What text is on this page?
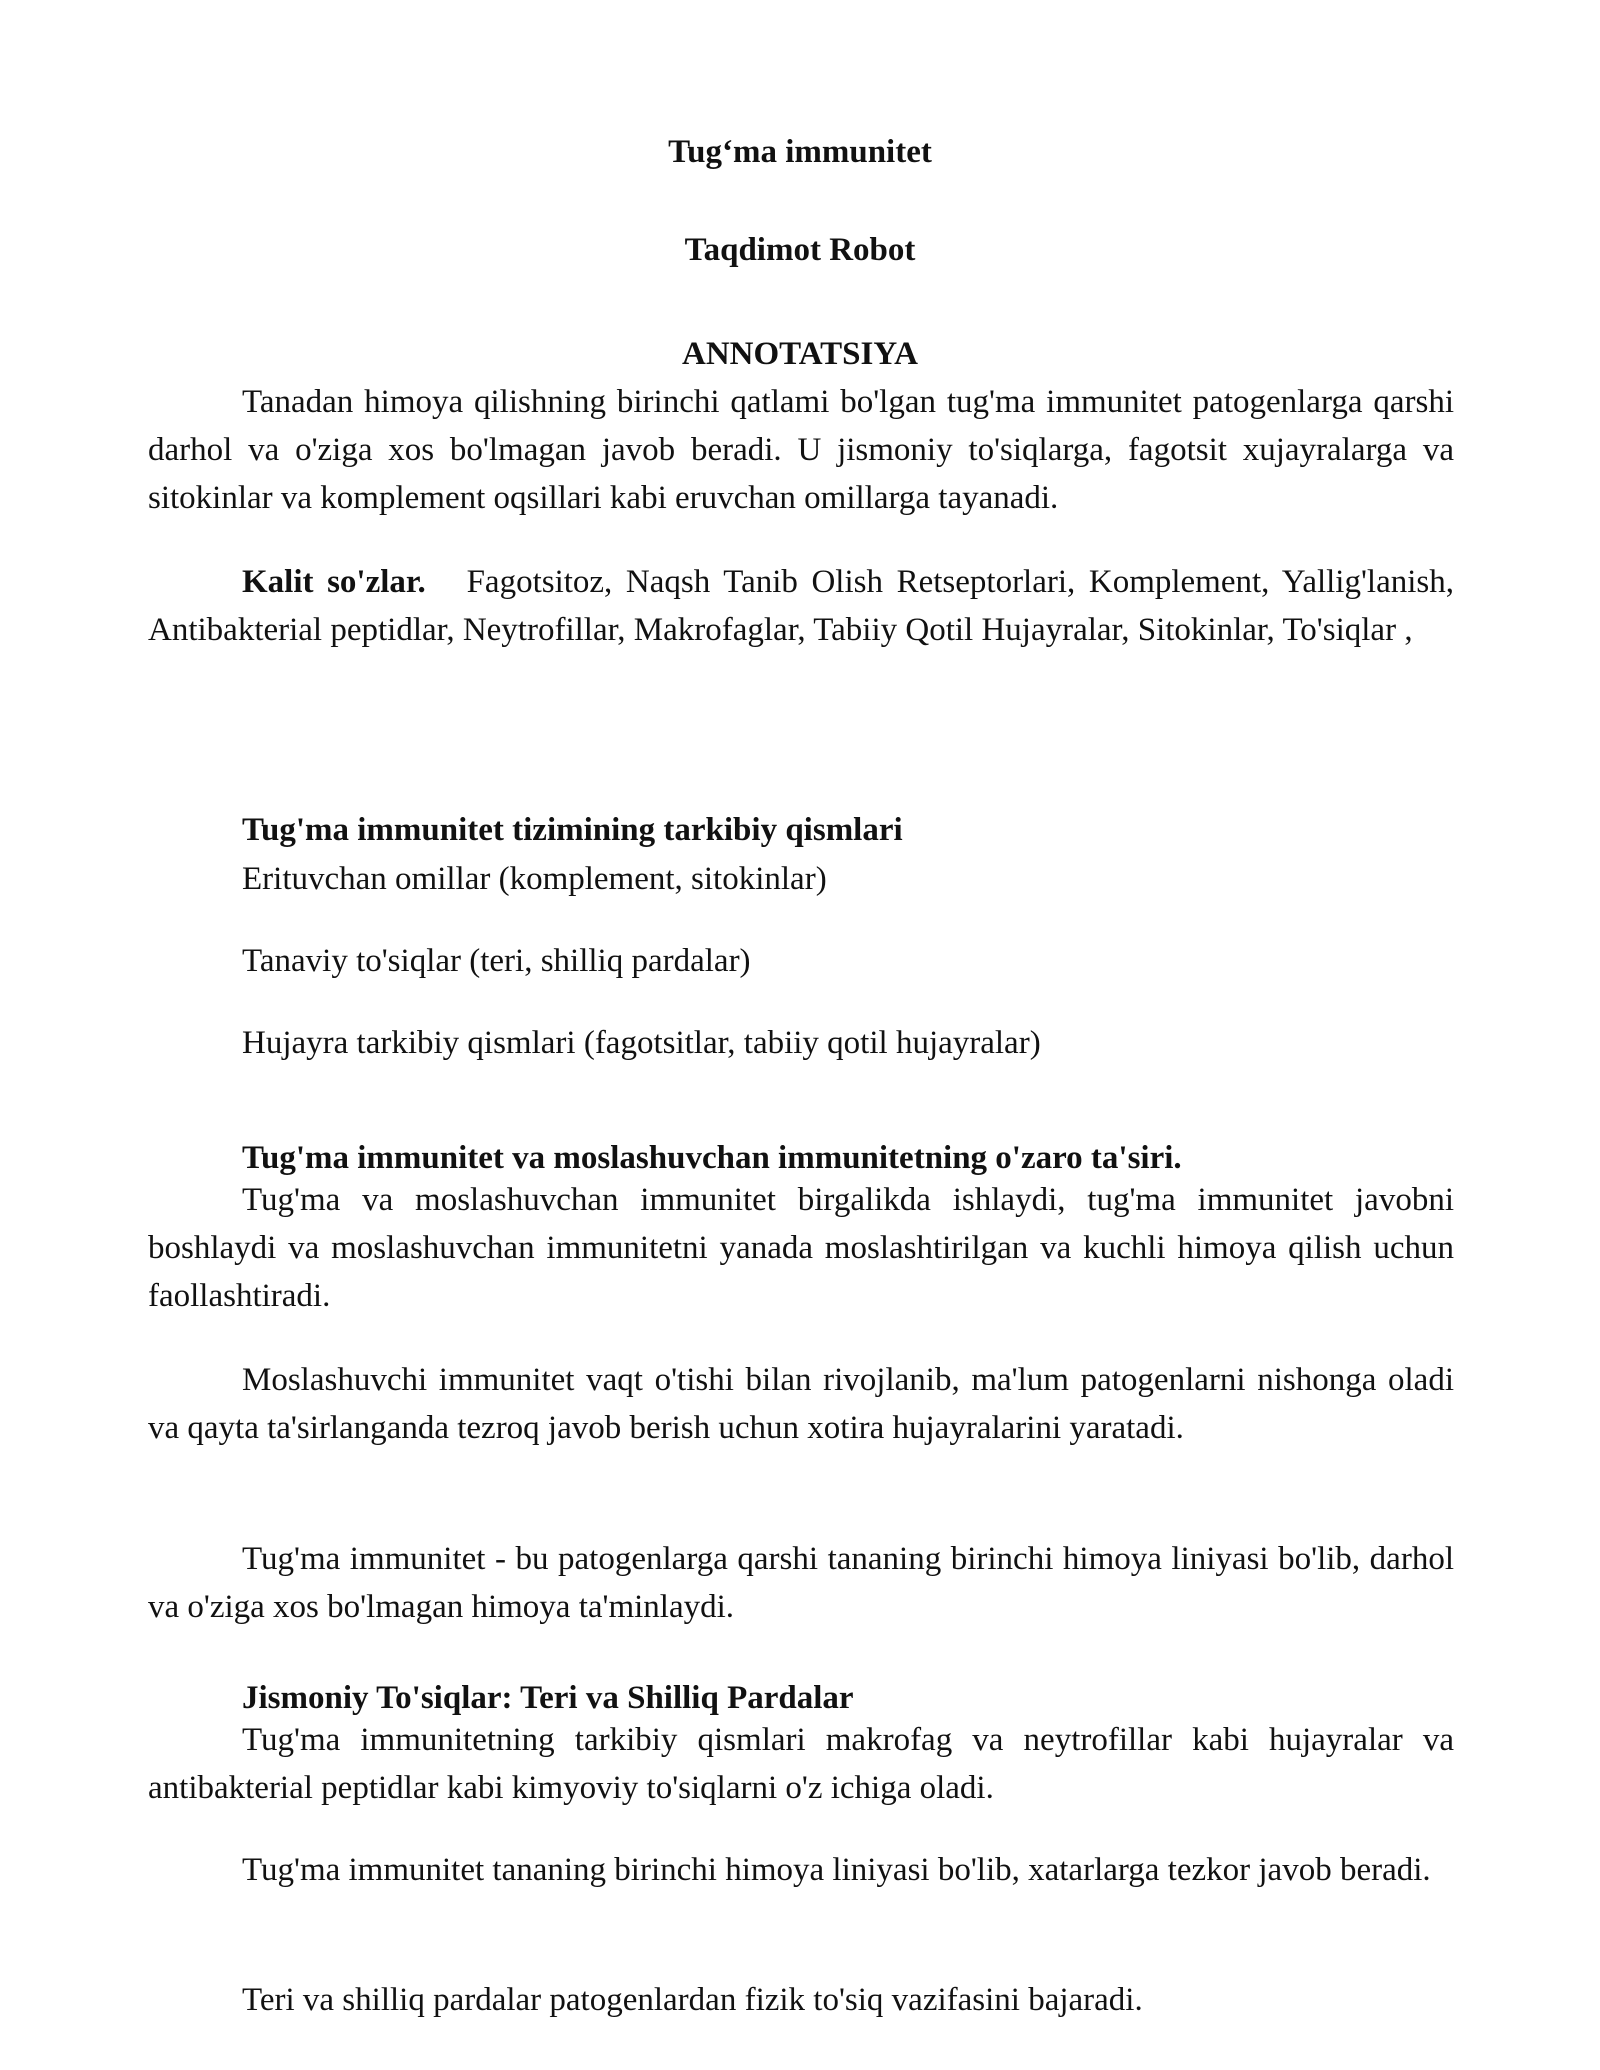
Tug‘ma immunitet
Taqdimot Robot
ANNOTATSIYA

Tanadan himoya qilishning birinchi qatlami bo'lgan tug'ma immunitet patogenlarga qarshi darhol va o'ziga xos bo'lmagan javob beradi. U jismoniy to'siqlarga, fagotsit xujayralarga va sitokinlar va komplement oqsillari kabi eruvchan omillarga tayanadi.

Kalit so'zlar. Fagotsitoz, Naqsh Tanib Olish Retseptorlari, Komplement, Yallig'lanish, Antibakterial peptidlar, Neytrofillar, Makrofaglar, Tabiiy Qotil Hujayralar, Sitokinlar, To'siqlar ,

Tug'ma immunitet tizimining tarkibiy qismlari
Erituvchan omillar (komplement, sitokinlar)
Tanaviy to'siqlar (teri, shilliq pardalar)
Hujayra tarkibiy qismlari (fagotsitlar, tabiiy qotil hujayralar)
Tug'ma immunitet va moslashuvchan immunitetning o'zaro ta'siri.

Tug'ma va moslashuvchan immunitet birgalikda ishlaydi, tug'ma immunitet javobni boshlaydi va moslashuvchan immunitetni yanada moslashtirilgan va kuchli himoya qilish uchun faollashtiradi.

Moslashuvchi immunitet vaqt o'tishi bilan rivojlanib, ma'lum patogenlarni nishonga oladi va qayta ta'sirlanganda tezroq javob berish uchun xotira hujayralarini yaratadi.

Tug'ma immunitet - bu patogenlarga qarshi tananing birinchi himoya liniyasi bo'lib, darhol va o'ziga xos bo'lmagan himoya ta'minlaydi.

Jismoniy To'siqlar: Teri va Shilliq Pardalar

Tug'ma immunitetning tarkibiy qismlari makrofag va neytrofillar kabi hujayralar va antibakterial peptidlar kabi kimyoviy to'siqlarni o'z ichiga oladi.

Tug'ma immunitet tananing birinchi himoya liniyasi bo'lib, xatarlarga tezkor javob beradi.

Teri va shilliq pardalar patogenlardan fizik to'siq vazifasini bajaradi.
